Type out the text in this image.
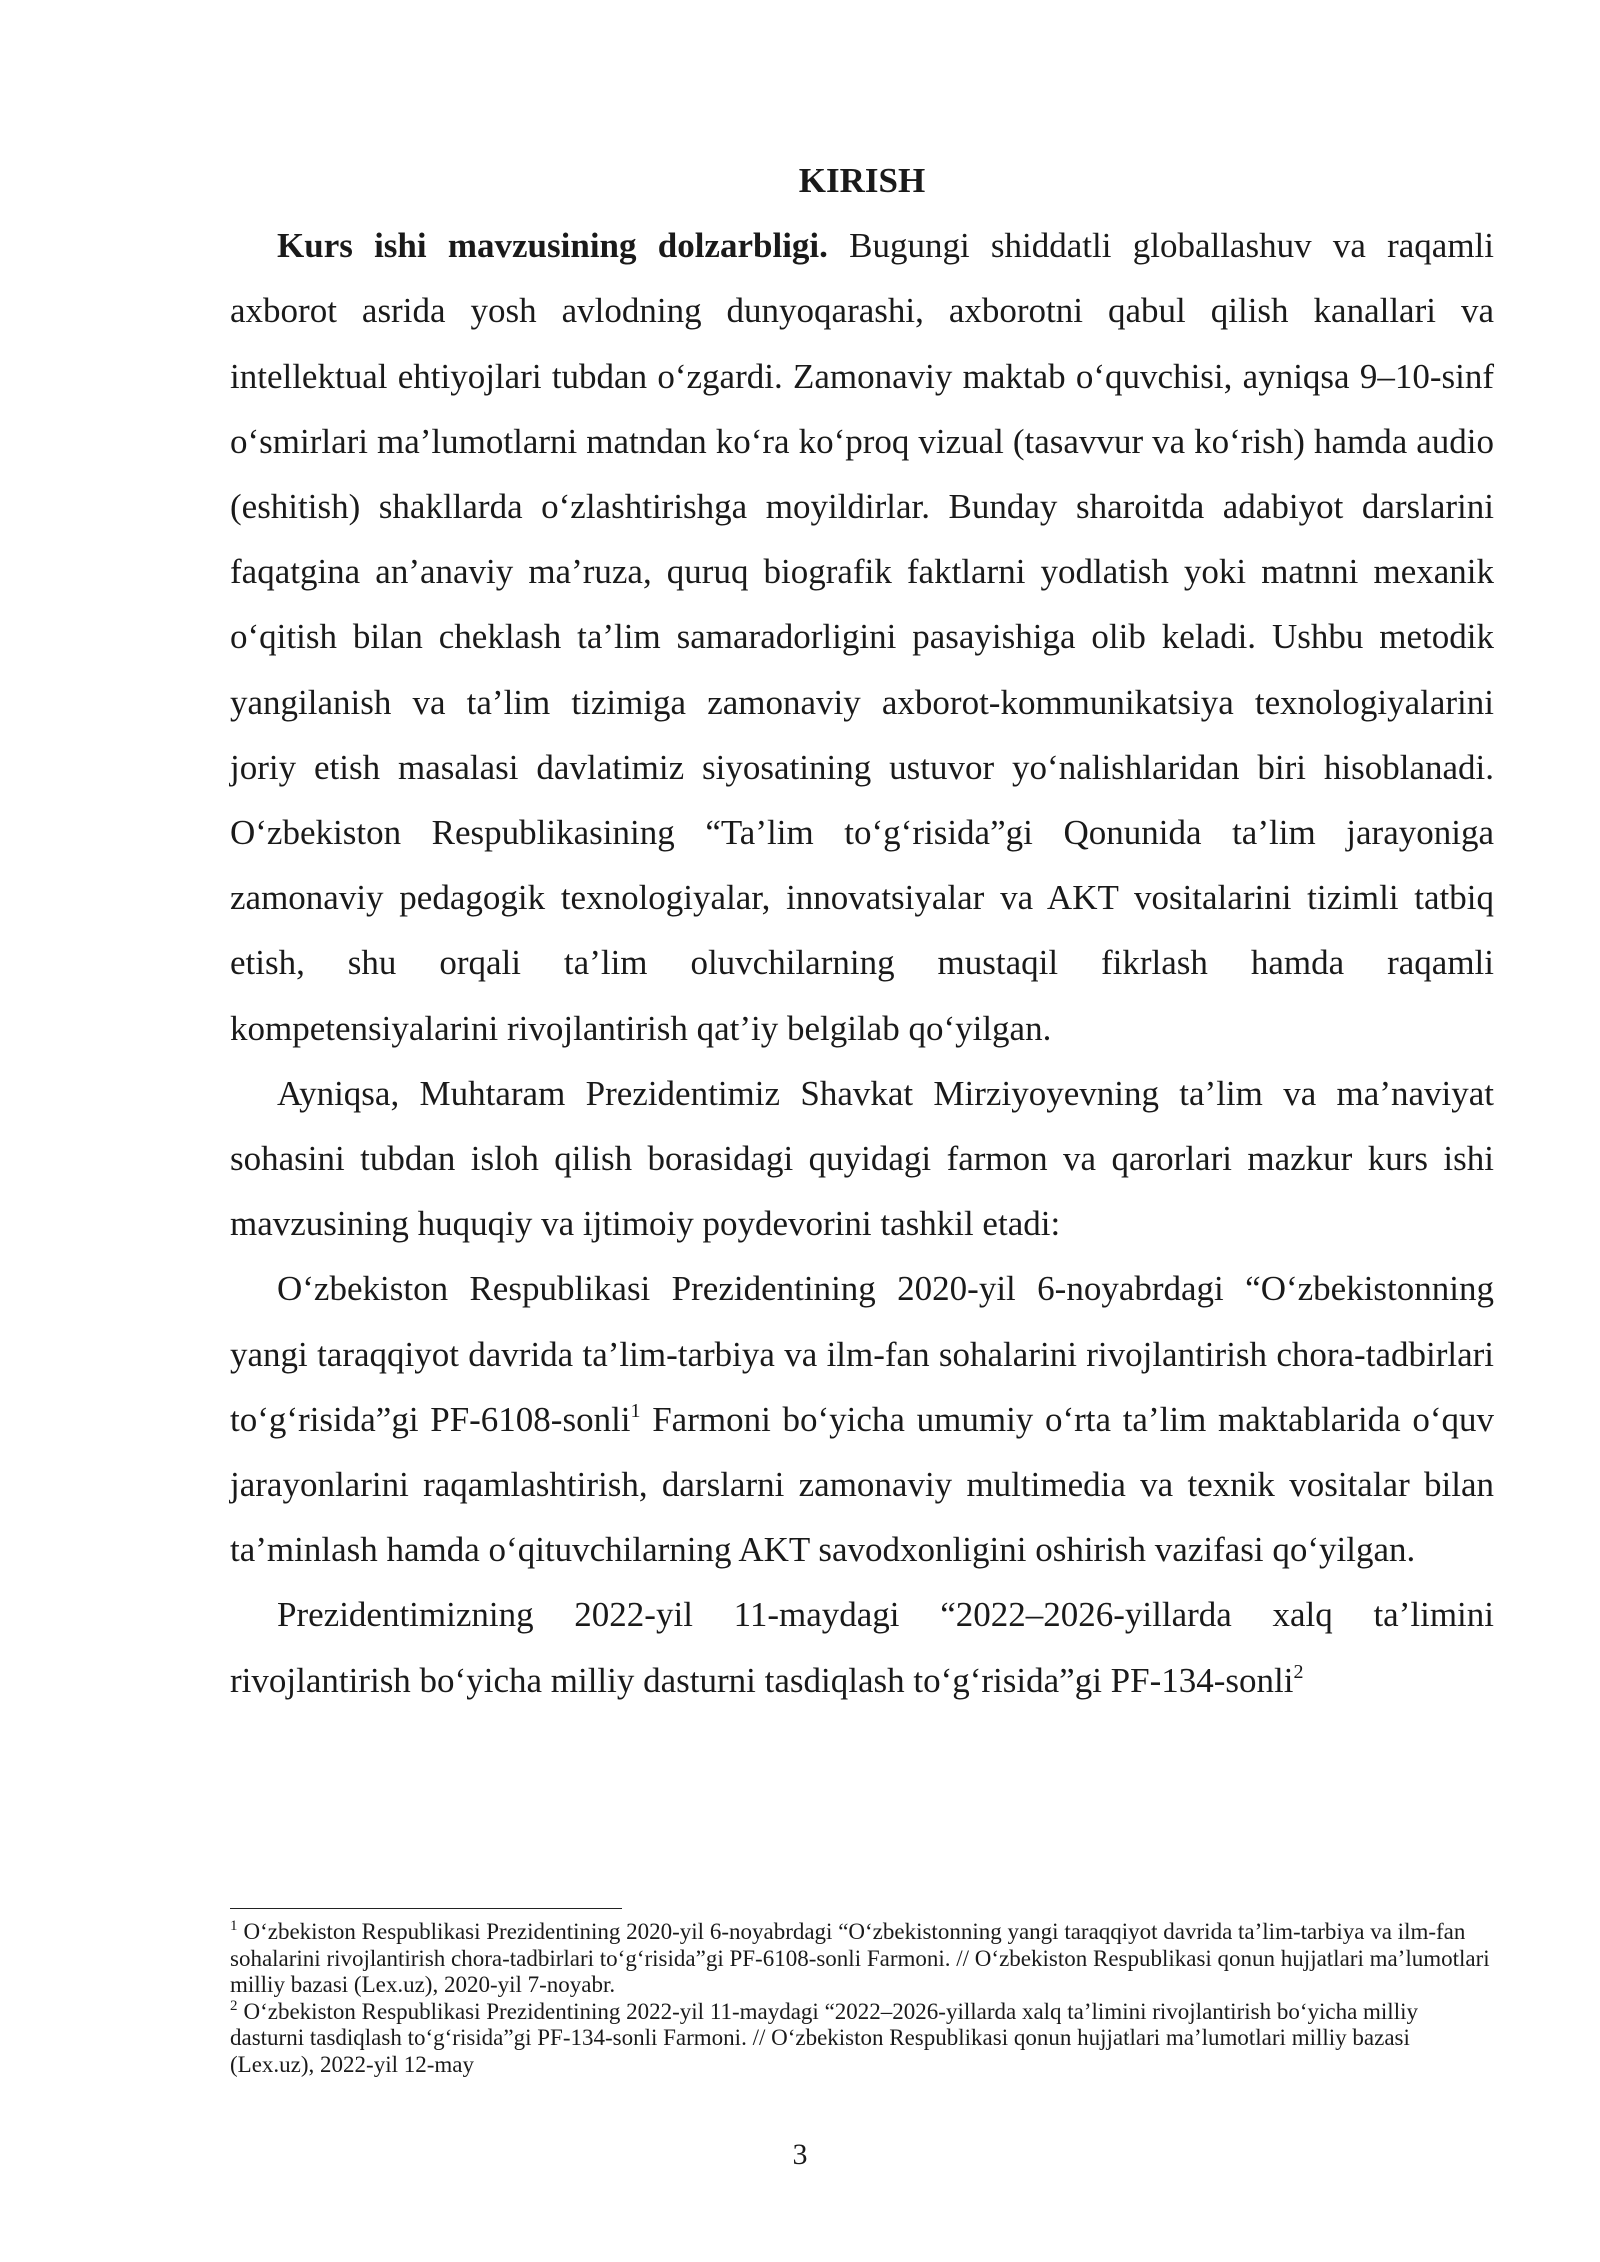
KIRISH

Kurs ishi mavzusining dolzarbligi. Bugungi shiddatli globallashuv va raqamli axborot asrida yosh avlodning dunyoqarashi, axborotni qabul qilish kanallari va intellektual ehtiyojlari tubdan o‘zgardi. Zamonaviy maktab o‘quvchisi, ayniqsa 9–10-sinf o‘smirlari ma’lumotlarni matndan ko‘ra ko‘proq vizual (tasavvur va ko‘rish) hamda audio (eshitish) shakllarda o‘zlashtirishga moyildirlar. Bunday sharoitda adabiyot darslarini faqatgina an’anaviy ma’ruza, quruq biografik faktlarni yodlatish yoki matnni mexanik o‘qitish bilan cheklash ta’lim samaradorligini pasayishiga olib keladi. Ushbu metodik yangilanish va ta’lim tizimiga zamonaviy axborot-kommunikatsiya texnologiyalarini joriy etish masalasi davlatimiz siyosatining ustuvor yo‘nalishlaridan biri hisoblanadi. O‘zbekiston Respublikasining “Ta’lim to‘g‘risida”gi Qonunida ta’lim jarayoniga zamonaviy pedagogik texnologiyalar, innovatsiyalar va AKT vositalarini tizimli tatbiq etish, shu orqali ta’lim oluvchilarning mustaqil fikrlash hamda raqamli kompetensiyalarini rivojlantirish qat’iy belgilab qo‘yilgan.

Ayniqsa, Muhtaram Prezidentimiz Shavkat Mirziyoyevning ta’lim va ma’naviyat sohasini tubdan isloh qilish borasidagi quyidagi farmon va qarorlari mazkur kurs ishi mavzusining huquqiy va ijtimoiy poydevorini tashkil etadi:

O‘zbekiston Respublikasi Prezidentining 2020-yil 6-noyabrdagi “O‘zbekistonning yangi taraqqiyot davrida ta’lim-tarbiya va ilm-fan sohalarini rivojlantirish chora-tadbirlari to‘g‘risida”gi PF-6108-sonli$^1$ Farmoni bo‘yicha umumiy o‘rta ta’lim maktablarida o‘quv jarayonlarini raqamlashtirish, darslarni zamonaviy multimedia va texnik vositalar bilan ta’minlash hamda o‘qituvchilarning AKT savodxonligini oshirish vazifasi qo‘yilgan.

Prezidentimizning 2022-yil 11-maydagi “2022–2026-yillarda xalq ta’limini rivojlantirish bo‘yicha milliy dasturni tasdiqlash to‘g‘risida”gi PF-134-sonli$^2$

$^1$ O‘zbekiston Respublikasi Prezidentining 2020-yil 6-noyabrdagi “O‘zbekistonning yangi taraqqiyot davrida ta’lim-tarbiya va ilm-fan sohalarini rivojlantirish chora-tadbirlari to‘g‘risida”gi PF-6108-sonli Farmoni. // O‘zbekiston Respublikasi qonun hujjatlari ma’lumotlari milliy bazasi (Lex.uz), 2020-yil 7-noyabr.

$^2$ O‘zbekiston Respublikasi Prezidentining 2022-yil 11-maydagi “2022–2026-yillarda xalq ta’limini rivojlantirish bo‘yicha milliy dasturni tasdiqlash to‘g‘risida”gi PF-134-sonli Farmoni. // O‘zbekiston Respublikasi qonun hujjatlari ma’lumotlari milliy bazasi (Lex.uz), 2022-yil 12-may

3
